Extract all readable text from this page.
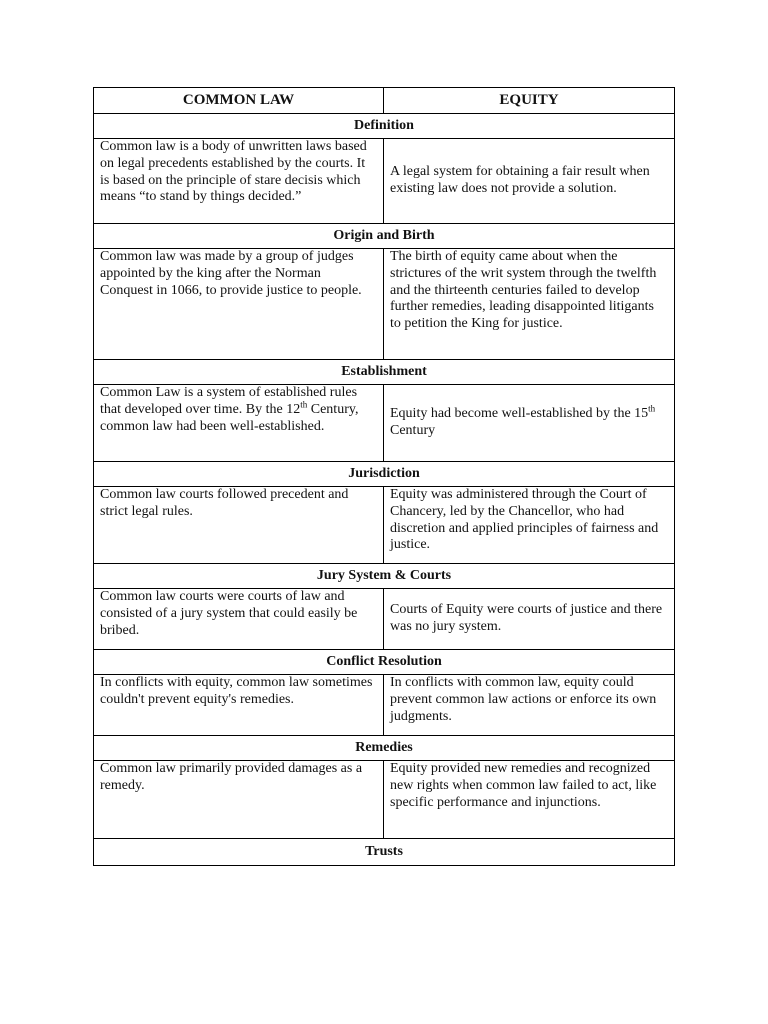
COMMON LAW	EQUITY
Definition	
Common law is a body of unwritten laws based on legal precedents established by the courts. It is based on the principle of stare decisis which means “to stand by things decided.”	A legal system for obtaining a fair result when existing law does not provide a solution.
Origin and Birth	
Common law was made by a group of judges appointed by the king after the Norman Conquest in 1066, to provide justice to people.	The birth of equity came about when the strictures of the writ system through the twelfth and the thirteenth centuries failed to develop further remedies, leading disappointed litigants to petition the King for justice.
Establishment	
Common Law is a system of established rules that developed over time. By the 12th Century, common law had been well-established.	Equity had become well-established by the 15th Century
Jurisdiction	
Common law courts followed precedent and strict legal rules.	Equity was administered through the Court of Chancery, led by the Chancellor, who had discretion and applied principles of fairness and justice.
Jury System & Courts	
Common law courts were courts of law and consisted of a jury system that could easily be bribed.	Courts of Equity were courts of justice and there was no jury system.
Conflict Resolution	
In conflicts with equity, common law sometimes couldn't prevent equity's remedies.	In conflicts with common law, equity could prevent common law actions or enforce its own judgments.
Remedies	
Common law primarily provided damages as a remedy.	Equity provided new remedies and recognized new rights when common law failed to act, like specific performance and injunctions.
Trusts	
